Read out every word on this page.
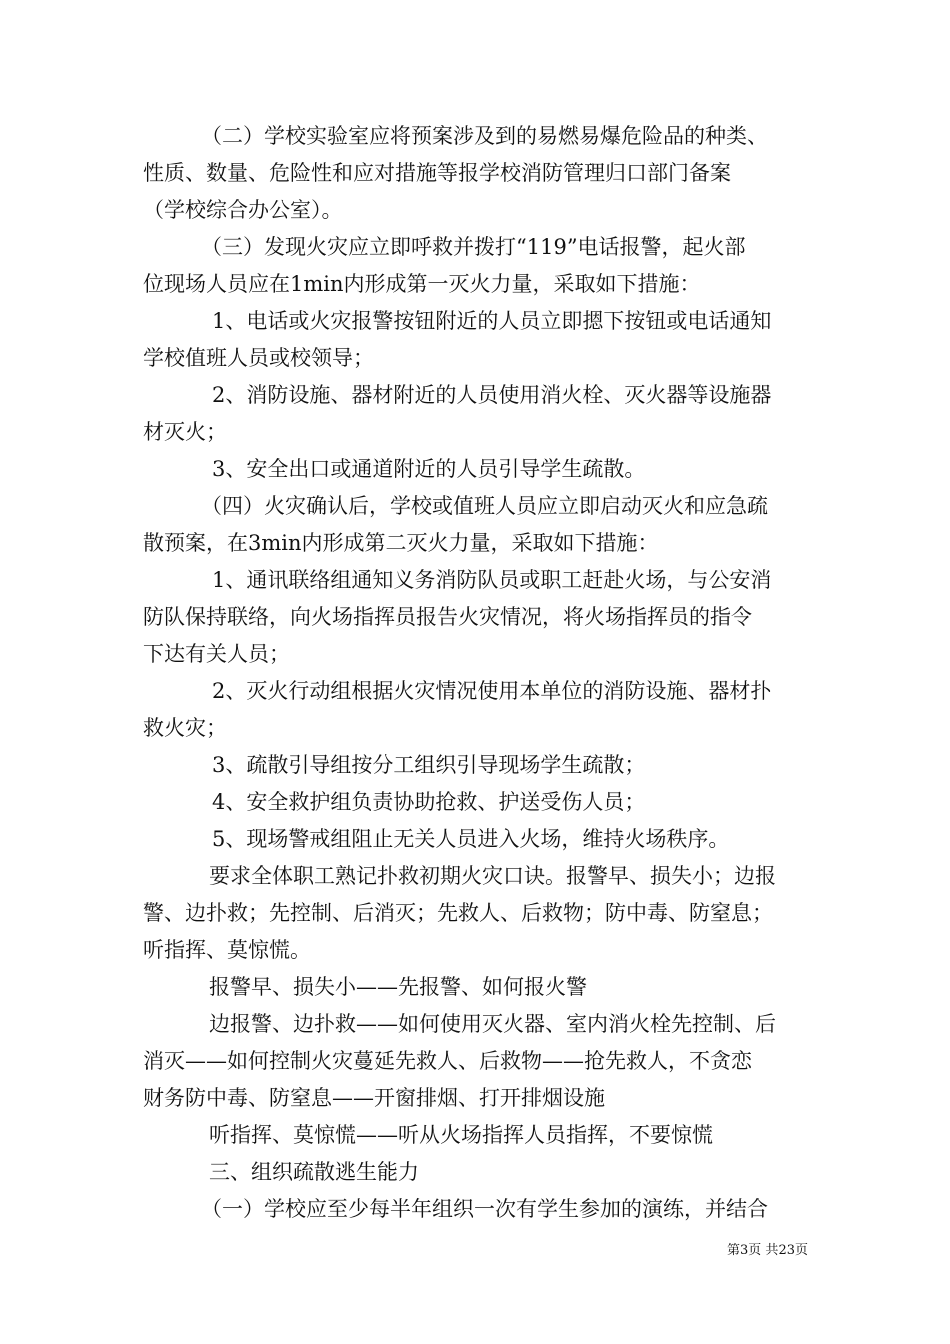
（二）学校实验室应将预案涉及到的易燃易爆危险品的种类、
性质、数量、危险性和应对措施等报学校消防管理归口部门备案
（学校综合办公室）。
（三）发现火灾应立即呼救并拨打“119”电话报警，起火部
位现场人员应在1min内形成第一灭火力量，采取如下措施：
1、电话或火灾报警按钮附近的人员立即摁下按钮或电话通知
学校值班人员或校领导；
2、消防设施、器材附近的人员使用消火栓、灭火器等设施器
材灭火；
3、安全出口或通道附近的人员引导学生疏散。
（四）火灾确认后，学校或值班人员应立即启动灭火和应急疏
散预案，在3min内形成第二灭火力量，采取如下措施：
1、通讯联络组通知义务消防队员或职工赶赴火场，与公安消
防队保持联络，向火场指挥员报告火灾情况，将火场指挥员的指令
下达有关人员；
2、灭火行动组根据火灾情况使用本单位的消防设施、器材扑
救火灾；
3、疏散引导组按分工组织引导现场学生疏散；
4、安全救护组负责协助抢救、护送受伤人员；
5、现场警戒组阻止无关人员进入火场，维持火场秩序。
要求全体职工熟记扑救初期火灾口诀。报警早、损失小；边报
警、边扑救；先控制、后消灭；先救人、后救物；防中毒、防窒息；
听指挥、莫惊慌。
报警早、损失小——先报警、如何报火警
边报警、边扑救——如何使用灭火器、室内消火栓先控制、后
消灭——如何控制火灾蔓延先救人、后救物——抢先救人，不贪恋
财务防中毒、防窒息——开窗排烟、打开排烟设施
听指挥、莫惊慌——听从火场指挥人员指挥，不要惊慌
三、组织疏散逃生能力
（一）学校应至少每半年组织一次有学生参加的演练，并结合
第3页 共23页
